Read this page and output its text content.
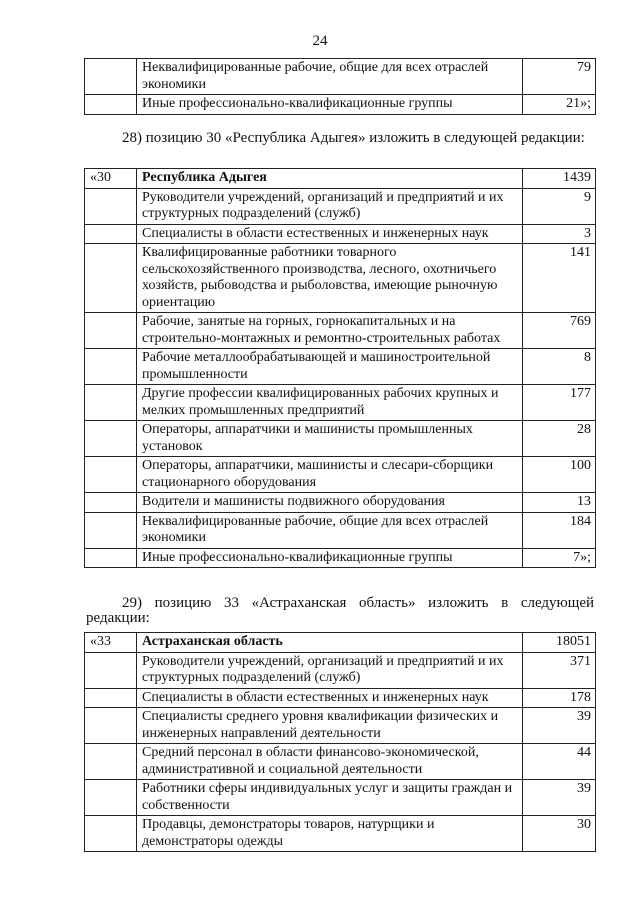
24
	Неквалифицированные рабочие, общие для всех отраслей экономики	79
	Иные профессионально-квалификационные группы	21»;
28) позицию 30 «Республика Адыгея» изложить в следующей редакции:
«30	Республика Адыгея	1439
	Руководители учреждений, организаций и предприятий и их структурных подразделений (служб)	9
	Специалисты в области естественных и инженерных наук	3
	Квалифицированные работники товарного сельскохозяйственного производства, лесного, охотничьего хозяйств, рыбоводства и рыболовства, имеющие рыночную ориентацию	141
	Рабочие, занятые на горных, горнокапитальных и на строительно-монтажных и ремонтно-строительных работах	769
	Рабочие металлообрабатывающей и машиностроительной промышленности	8
	Другие профессии квалифицированных рабочих крупных и мелких промышленных предприятий	177
	Операторы, аппаратчики и машинисты промышленных установок	28
	Операторы, аппаратчики, машинисты и слесари-сборщики стационарного оборудования	100
	Водители и машинисты подвижного оборудования	13
	Неквалифицированные рабочие, общие для всех отраслей экономики	184
	Иные профессионально-квалификационные группы	7»;
29) позицию 33 «Астраханская область» изложить в следующей редакции:
«33	Астраханская область	18051
	Руководители учреждений, организаций и предприятий и их структурных подразделений (служб)	371
	Специалисты в области естественных и инженерных наук	178
	Специалисты среднего уровня квалификации физических и инженерных направлений деятельности	39
	Средний персонал в области финансово-экономической, административной и социальной деятельности	44
	Работники сферы индивидуальных услуг и защиты граждан и собственности	39
	Продавцы, демонстраторы товаров, натурщики и демонстраторы одежды	30
